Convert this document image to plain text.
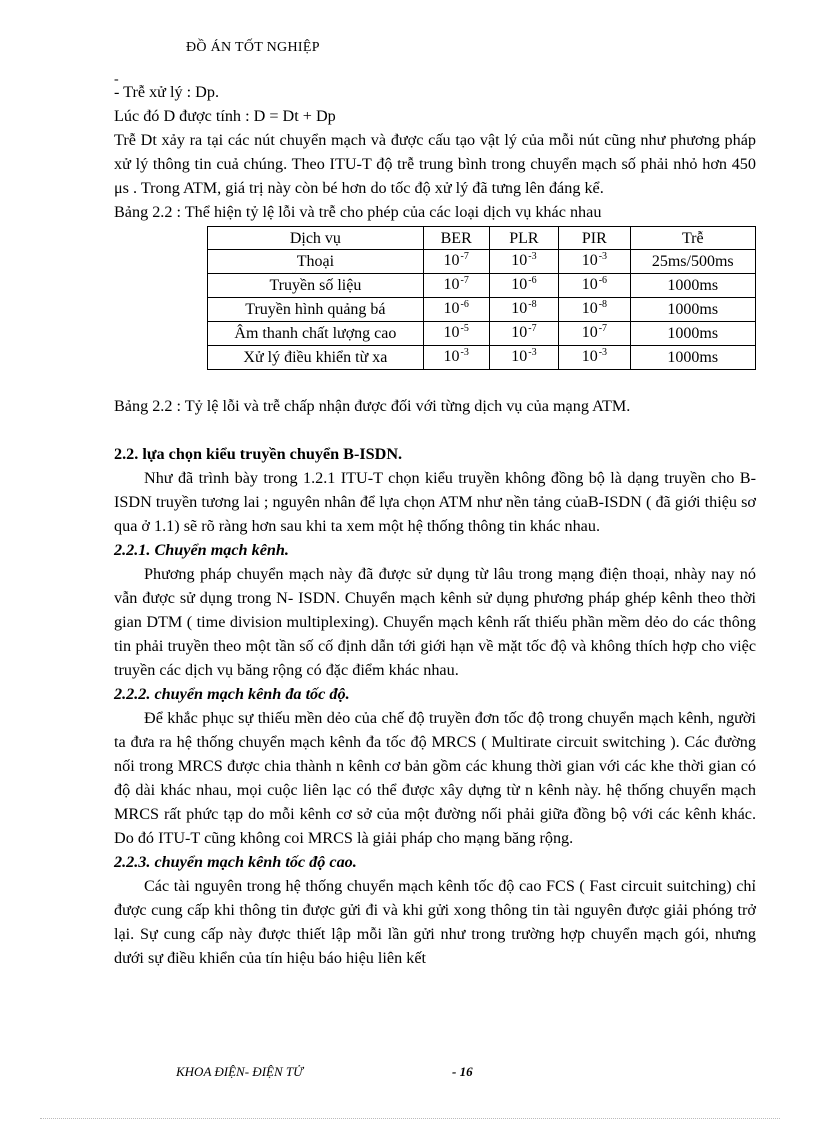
ĐỒ ÁN TỐT NGHIỆP
-

- Trễ xử lý : Dp.

Lúc đó D được tính : D = Dt + Dp

Trễ Dt xảy ra tại các nút chuyển mạch và được cấu tạo vật lý của mỗi nút cũng như phương pháp xử lý thông tin cuả chúng. Theo ITU-T độ trễ trung bình trong chuyển mạch số phải nhỏ hơn 450 μs . Trong ATM, giá trị này còn bé hơn do tốc độ xử lý đã tưng lên đáng kể.

Bảng 2.2 : Thể hiện tỷ lệ lỗi và trễ cho phép của các loại dịch vụ khác nhau

Dịch vụ	BER	PLR	PIR	Trễ
Thoại	$10^{-7}$	$10^{-3}$	$10^{-3}$	25ms/500ms
Truyền số liệu	$10^{-7}$	$10^{-6}$	$10^{-6}$	1000ms
Truyền hình quảng bá	$10^{-6}$	$10^{-8}$	$10^{-8}$	1000ms
Âm thanh chất lượng cao	$10^{-5}$	$10^{-7}$	$10^{-7}$	1000ms
Xử lý điều khiển từ xa	$10^{-3}$	$10^{-3}$	$10^{-3}$	1000ms

Bảng 2.2 : Tỷ lệ lỗi và trễ chấp nhận được đối với từng dịch vụ của mạng ATM.

2.2. lựa chọn kiểu truyền chuyển B-ISDN.

Như đã trình bày trong 1.2.1 ITU-T chọn kiểu truyền không đồng bộ là dạng truyền cho B-ISDN truyền tương lai ; nguyên nhân để lựa chọn ATM như nền tảng củaB-ISDN ( đã giới thiệu sơ qua ở 1.1) sẽ rõ ràng hơn sau khi ta xem một hệ thống thông tin khác nhau.

2.2.1. Chuyển mạch kênh.

Phương pháp chuyển mạch này đã được sử dụng từ lâu trong mạng điện thoại, nhày nay nó vẫn được sử dụng trong N- ISDN. Chuyển mạch kênh sử dụng phương pháp ghép kênh theo thời gian DTM ( time division multiplexing). Chuyển mạch kênh rất thiếu phần mềm dẻo do các thông tin phải truyền theo một tần số cố định dẫn tới giới hạn về mặt tốc độ và không thích hợp cho việc truyền các dịch vụ băng rộng có đặc điểm khác nhau.

2.2.2. chuyển mạch kênh đa tốc độ.

Để khắc phục sự thiếu mền dẻo của chế độ truyền đơn tốc độ trong chuyển mạch kênh, người ta đưa ra hệ thống chuyển mạch kênh đa tốc độ MRCS ( Multirate circuit switching ). Các đường nối trong MRCS được chia thành n kênh cơ bản gồm các khung thời gian với các khe thời gian có độ dài khác nhau, mọi cuộc liên lạc có thể được xây dựng từ n kênh này. hệ thống chuyển mạch MRCS rất phức tạp do mỗi kênh cơ sở của một đường nối phải giữa đồng bộ với các kênh khác. Do đó ITU-T cũng không coi MRCS là giải pháp cho mạng băng rộng.

2.2.3. chuyển mạch kênh tốc độ cao.

Các tài nguyên trong hệ thống chuyển mạch kênh tốc độ cao FCS ( Fast circuit suitching) chỉ được cung cấp khi thông tin được gửi đi và khi gửi xong thông tin tài nguyên được giải phóng trở lại. Sự cung cấp này được thiết lập mỗi lần gửi như trong trường hợp chuyển mạch gói, nhưng dưới sự điều khiển của tín hiệu báo hiệu liên kết

KHOA ĐIỆN- ĐIỆN TỬ	- 16
